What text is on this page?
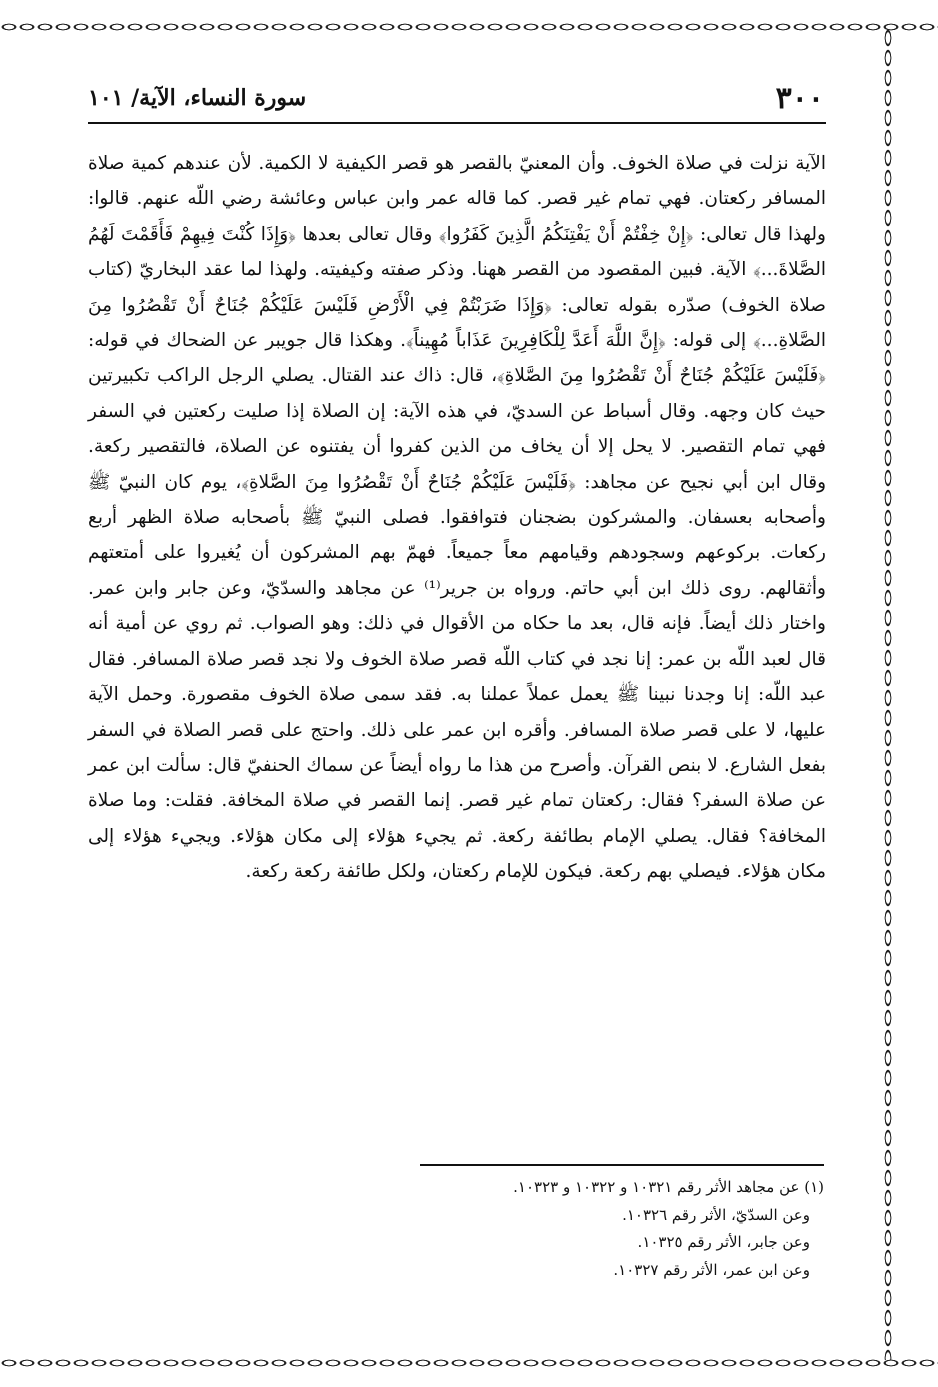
٣٠٠
سورة النساء، الآية/ ١٠١

الآية نزلت في صلاة الخوف. وأن المعنيّ بالقصر هو قصر الكيفية لا الكمية. لأن عندهم كمية صلاة المسافر ركعتان. فهي تمام غير قصر. كما قاله عمر وابن عباس وعائشة رضي اللّه عنهم. قالوا: ولهذا قال تعالى: ﴿إِنْ خِفْتُمْ أَنْ يَفْتِنَكُمُ الَّذِينَ كَفَرُوا﴾ وقال تعالى بعدها ﴿وَإِذَا كُنْتَ فِيهِمْ فَأَقَمْتَ لَهُمُ الصَّلاةَ...﴾ الآية. فبين المقصود من القصر ههنا. وذكر صفته وكيفيته. ولهذا لما عقد البخاريّ (كتاب صلاة الخوف) صدّره بقوله تعالى: ﴿وَإِذَا ضَرَبْتُمْ فِي الْأَرْضِ فَلَيْسَ عَلَيْكُمْ جُنَاحٌ أَنْ تَقْصُرُوا مِنَ الصَّلاةِ...﴾ إلى قوله: ﴿إِنَّ اللَّهَ أَعَدَّ لِلْكَافِرِينَ عَذَاباً مُهِيناً﴾. وهكذا قال جويبر عن الضحاك في قوله: ﴿فَلَيْسَ عَلَيْكُمْ جُنَاحٌ أَنْ تَقْصُرُوا مِنَ الصَّلاةِ﴾، قال: ذاك عند القتال. يصلي الرجل الراكب تكبيرتين حيث كان وجهه. وقال أسباط عن السديّ، في هذه الآية: إن الصلاة إذا صليت ركعتين في السفر فهي تمام التقصير. لا يحل إلا أن يخاف من الذين كفروا أن يفتنوه عن الصلاة، فالتقصير ركعة. وقال ابن أبي نجيح عن مجاهد: ﴿فَلَيْسَ عَلَيْكُمْ جُنَاحٌ أَنْ تَقْصُرُوا مِنَ الصَّلاةِ﴾، يوم كان النبيّ ﷺ وأصحابه بعسفان. والمشركون بضجنان فتوافقوا. فصلى النبيّ ﷺ بأصحابه صلاة الظهر أربع ركعات. بركوعهم وسجودهم وقيامهم معاً جميعاً. فهمّ بهم المشركون أن يُغيروا على أمتعتهم وأثقالهم. روى ذلك ابن أبي حاتم. ورواه بن جرير⁽¹⁾ عن مجاهد والسدّيّ، وعن جابر وابن عمر. واختار ذلك أيضاً. فإنه قال، بعد ما حكاه من الأقوال في ذلك: وهو الصواب. ثم روي عن أمية أنه قال لعبد اللّه بن عمر: إنا نجد في كتاب اللّه قصر صلاة الخوف ولا نجد قصر صلاة المسافر. فقال عبد اللّه: إنا وجدنا نبينا ﷺ يعمل عملاً عملنا به. فقد سمى صلاة الخوف مقصورة. وحمل الآية عليها، لا على قصر صلاة المسافر. وأقره ابن عمر على ذلك. واحتج على قصر الصلاة في السفر بفعل الشارع. لا بنص القرآن. وأصرح من هذا ما رواه أيضاً عن سماك الحنفيّ قال: سألت ابن عمر عن صلاة السفر؟ فقال: ركعتان تمام غير قصر. إنما القصر في صلاة المخافة. فقلت: وما صلاة المخافة؟ فقال. يصلي الإمام بطائفة ركعة. ثم يجيء هؤلاء إلى مكان هؤلاء. ويجيء هؤلاء إلى مكان هؤلاء. فيصلي بهم ركعة. فيكون للإمام ركعتان، ولكل طائفة ركعة ركعة.

(١) عن مجاهد الأثر رقم ١٠٣٢١ و ١٠٣٢٢ و ١٠٣٢٣.
وعن السدّيّ، الأثر رقم ١٠٣٢٦.
وعن جابر، الأثر رقم ١٠٣٢٥.
وعن ابن عمر، الأثر رقم ١٠٣٢٧.
